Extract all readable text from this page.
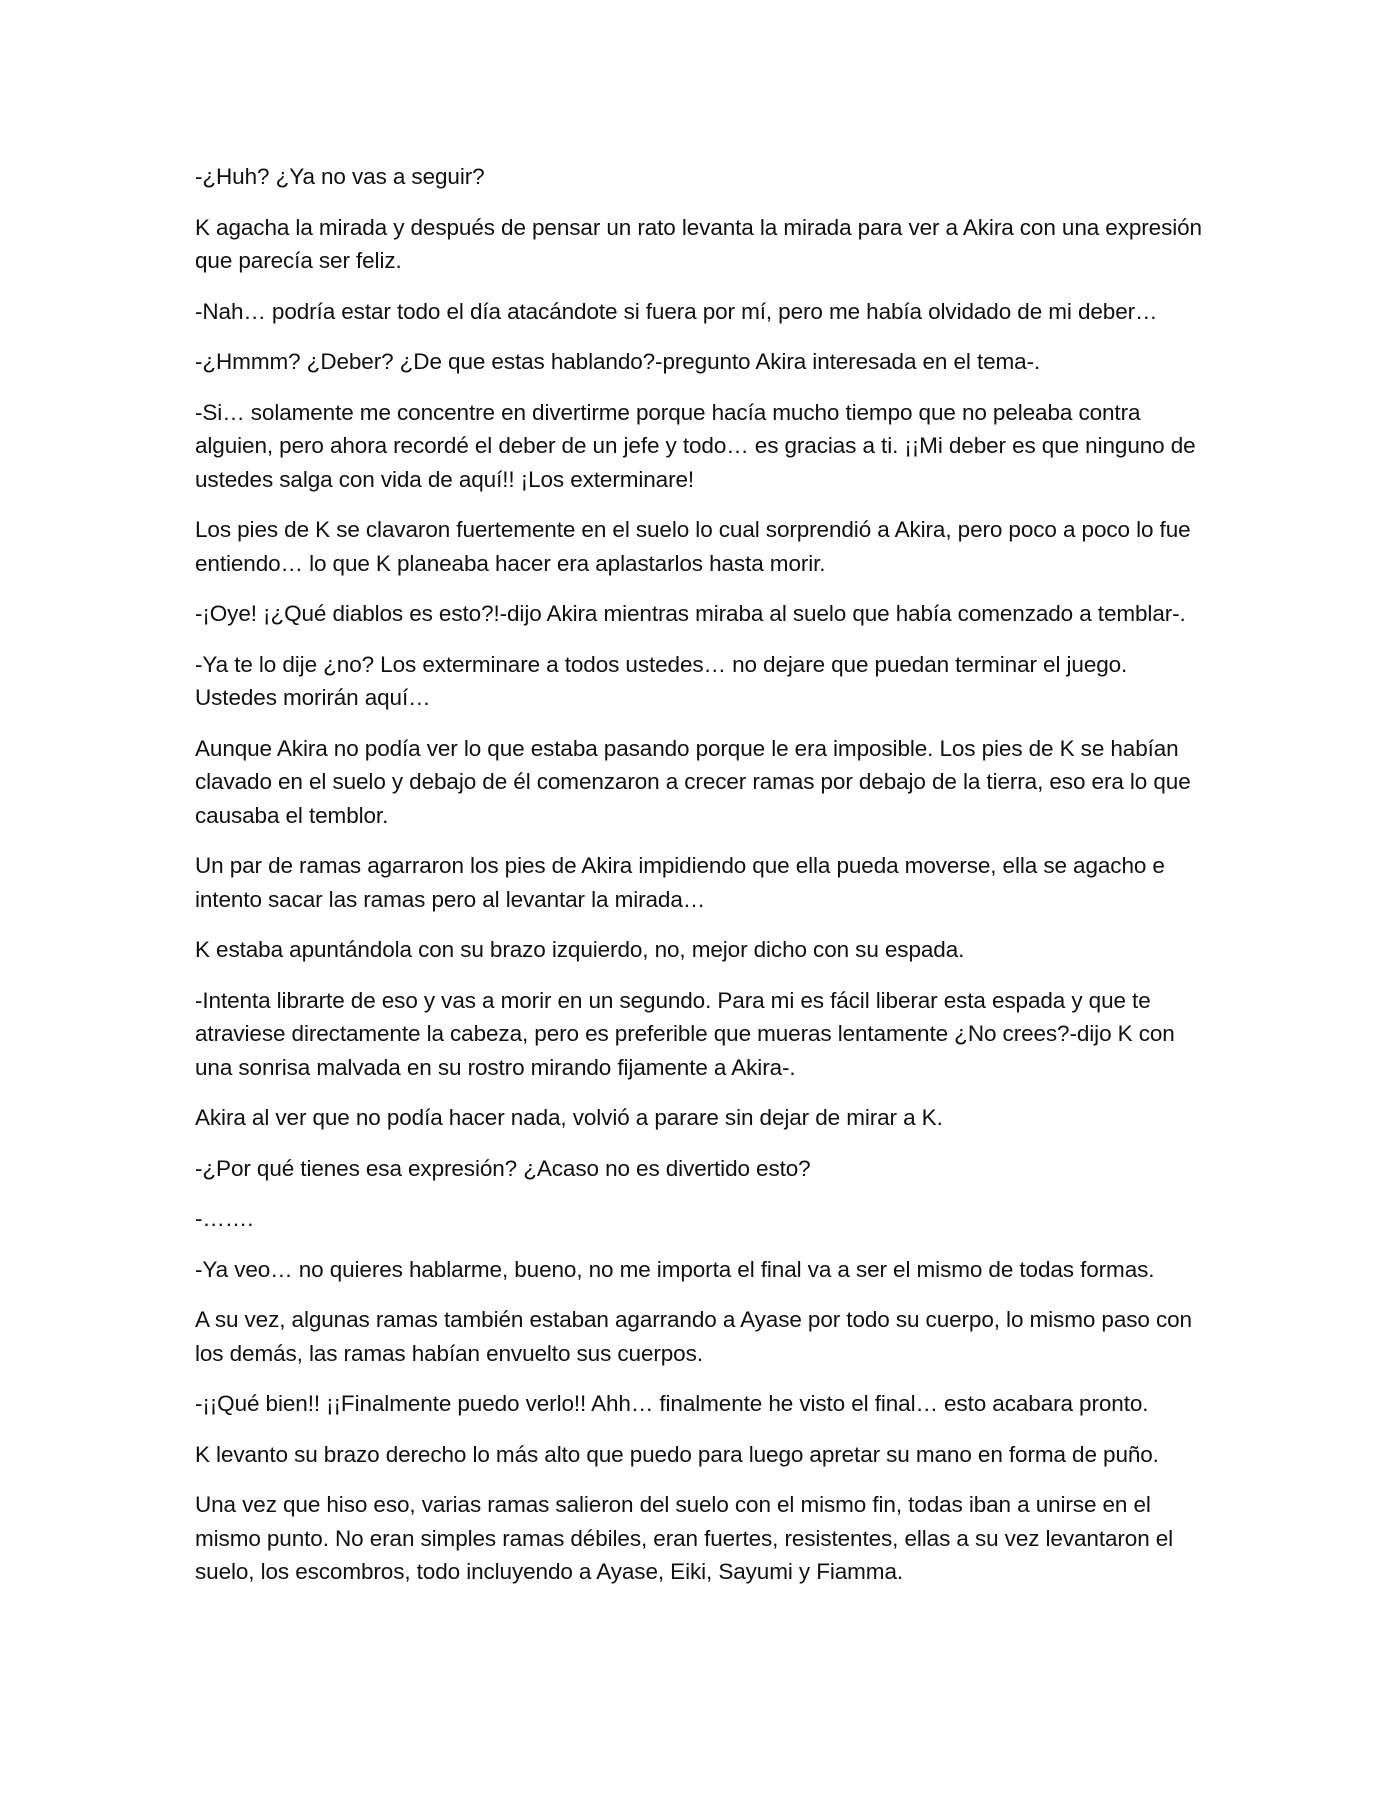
-¿Huh? ¿Ya no vas a seguir?

K agacha la mirada y después de pensar un rato levanta la mirada para ver a Akira con una expresión que parecía ser feliz.

-Nah… podría estar todo el día atacándote si fuera por mí, pero me había olvidado de mi deber…

-¿Hmmm? ¿Deber? ¿De que estas hablando?-pregunto Akira interesada en el tema-.

-Si… solamente me concentre en divertirme porque hacía mucho tiempo que no peleaba contra alguien, pero ahora recordé el deber de un jefe y todo… es gracias a ti. ¡¡Mi deber es que ninguno de ustedes salga con vida de aquí!! ¡Los exterminare!

Los pies de K se clavaron fuertemente en el suelo lo cual sorprendió a Akira, pero poco a poco lo fue entiendo… lo que K planeaba hacer era aplastarlos hasta morir.

-¡Oye! ¡¿Qué diablos es esto?!-dijo Akira mientras miraba al suelo que había comenzado a temblar-.

-Ya te lo dije ¿no? Los exterminare a todos ustedes… no dejare que puedan terminar el juego. Ustedes morirán aquí…

Aunque Akira no podía ver lo que estaba pasando porque le era imposible. Los pies de K se habían clavado en el suelo y debajo de él comenzaron a crecer ramas por debajo de la tierra, eso era lo que causaba el temblor.

Un par de ramas agarraron los pies de Akira impidiendo que ella pueda moverse, ella se agacho e intento sacar las ramas pero al levantar la mirada…

K estaba apuntándola con su brazo izquierdo, no, mejor dicho con su espada.

-Intenta librarte de eso y vas a morir en un segundo. Para mi es fácil liberar esta espada y que te atraviese directamente la cabeza, pero es preferible que mueras lentamente ¿No crees?-dijo K con una sonrisa malvada en su rostro mirando fijamente a Akira-.

Akira al ver que no podía hacer nada, volvió a parare sin dejar de mirar a K.

-¿Por qué tienes esa expresión? ¿Acaso no es divertido esto?

-…….

-Ya veo… no quieres hablarme, bueno, no me importa el final va a ser el mismo de todas formas.

A su vez, algunas ramas también estaban agarrando a Ayase por todo su cuerpo, lo mismo paso con los demás, las ramas habían envuelto sus cuerpos.

-¡¡Qué bien!! ¡¡Finalmente puedo verlo!! Ahh… finalmente he visto el final… esto acabara pronto.

K levanto su brazo derecho lo más alto que puedo para luego apretar su mano en forma de puño.

Una vez que hiso eso, varias ramas salieron del suelo con el mismo fin, todas iban a unirse en el mismo punto. No eran simples ramas débiles, eran fuertes, resistentes, ellas a su vez levantaron el suelo, los escombros, todo incluyendo a Ayase, Eiki, Sayumi y Fiamma.
